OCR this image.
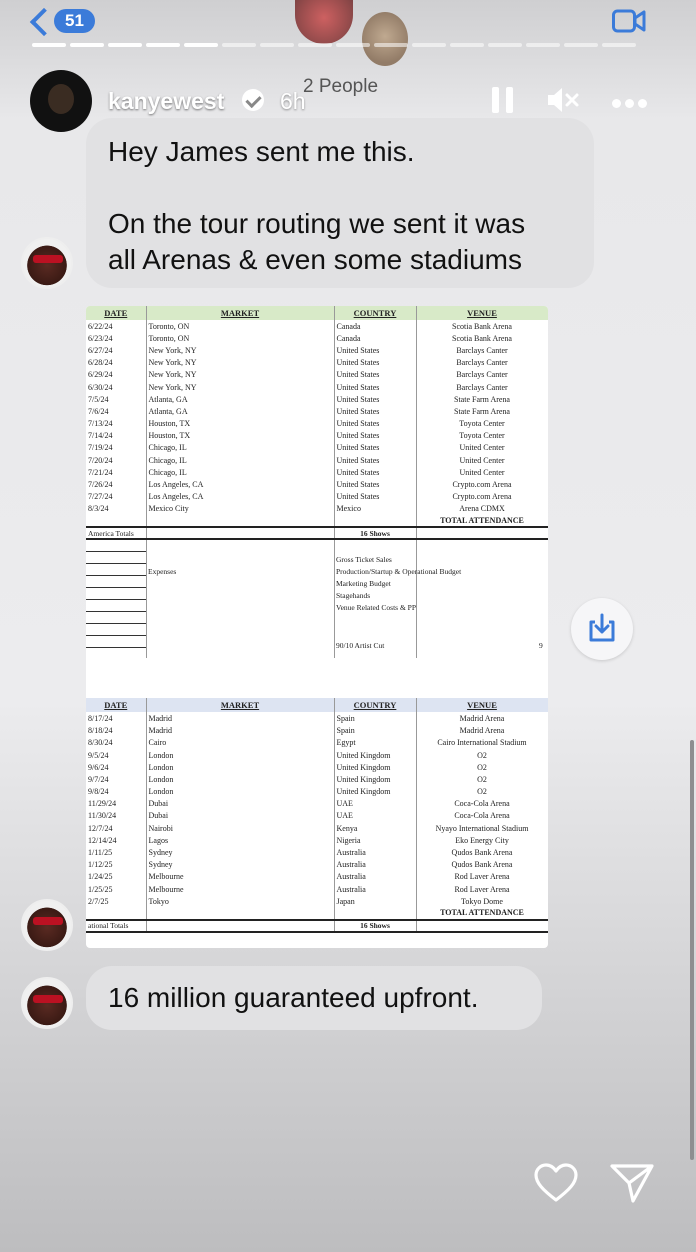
51
kanyewest 6h
2 People

Hey James sent me this.

On the tour routing we sent it was

all Arenas & even some stadiums

DATE	MARKET	COUNTRY	VENUE
6/22/24	Toronto, ON	Canada	Scotia Bank Arena
6/23/24	Toronto, ON	Canada	Scotia Bank Arena
6/27/24	New York, NY	United States	Barclays Canter
6/28/24	New York, NY	United States	Barclays Canter
6/29/24	New York, NY	United States	Barclays Canter
6/30/24	New York, NY	United States	Barclays Canter
7/5/24	Atlanta, GA	United States	State Farm Arena
7/6/24	Atlanta, GA	United States	State Farm Arena
7/13/24	Houston, TX	United States	Toyota Center
7/14/24	Houston, TX	United States	Toyota Center
7/19/24	Chicago, IL	United States	United Center
7/20/24	Chicago, IL	United States	United Center
7/21/24	Chicago, IL	United States	United Center
7/26/24	Los Angeles, CA	United States	Crypto.com Arena
7/27/24	Los Angeles, CA	United States	Crypto.com Arena
8/3/24	Mexico City	Mexico	Arena CDMX
			TOTAL ATTENDANCE
America Totals		16 Shows	
Expenses
Gross Ticket Sales
Production/Startup & Operational Budget
Marketing Budget
Stagehands
Venue Related Costs & PP
90/10 Artist Cut	9
DATE	MARKET	COUNTRY	VENUE
8/17/24	Madrid	Spain	Madrid Arena
8/18/24	Madrid	Spain	Madrid Arena
8/30/24	Cairo	Egypt	Cairo International Stadium
9/5/24	London	United Kingdom	O2
9/6/24	London	United Kingdom	O2
9/7/24	London	United Kingdom	O2
9/8/24	London	United Kingdom	O2
11/29/24	Dubai	UAE	Coca-Cola Arena
11/30/24	Dubai	UAE	Coca-Cola Arena
12/7/24	Nairobi	Kenya	Nyayo International Stadium
12/14/24	Lagos	Nigeria	Eko Energy City
1/11/25	Sydney	Australia	Qudos Bank Arena
1/12/25	Sydney	Australia	Qudos Bank Arena
1/24/25	Melbourne	Australia	Rod Laver Arena
1/25/25	Melbourne	Australia	Rod Laver Arena
2/7/25	Tokyo	Japan	Tokyo Dome
			TOTAL ATTENDANCE
ational Totals		16 Shows	
16 million guaranteed upfront.
